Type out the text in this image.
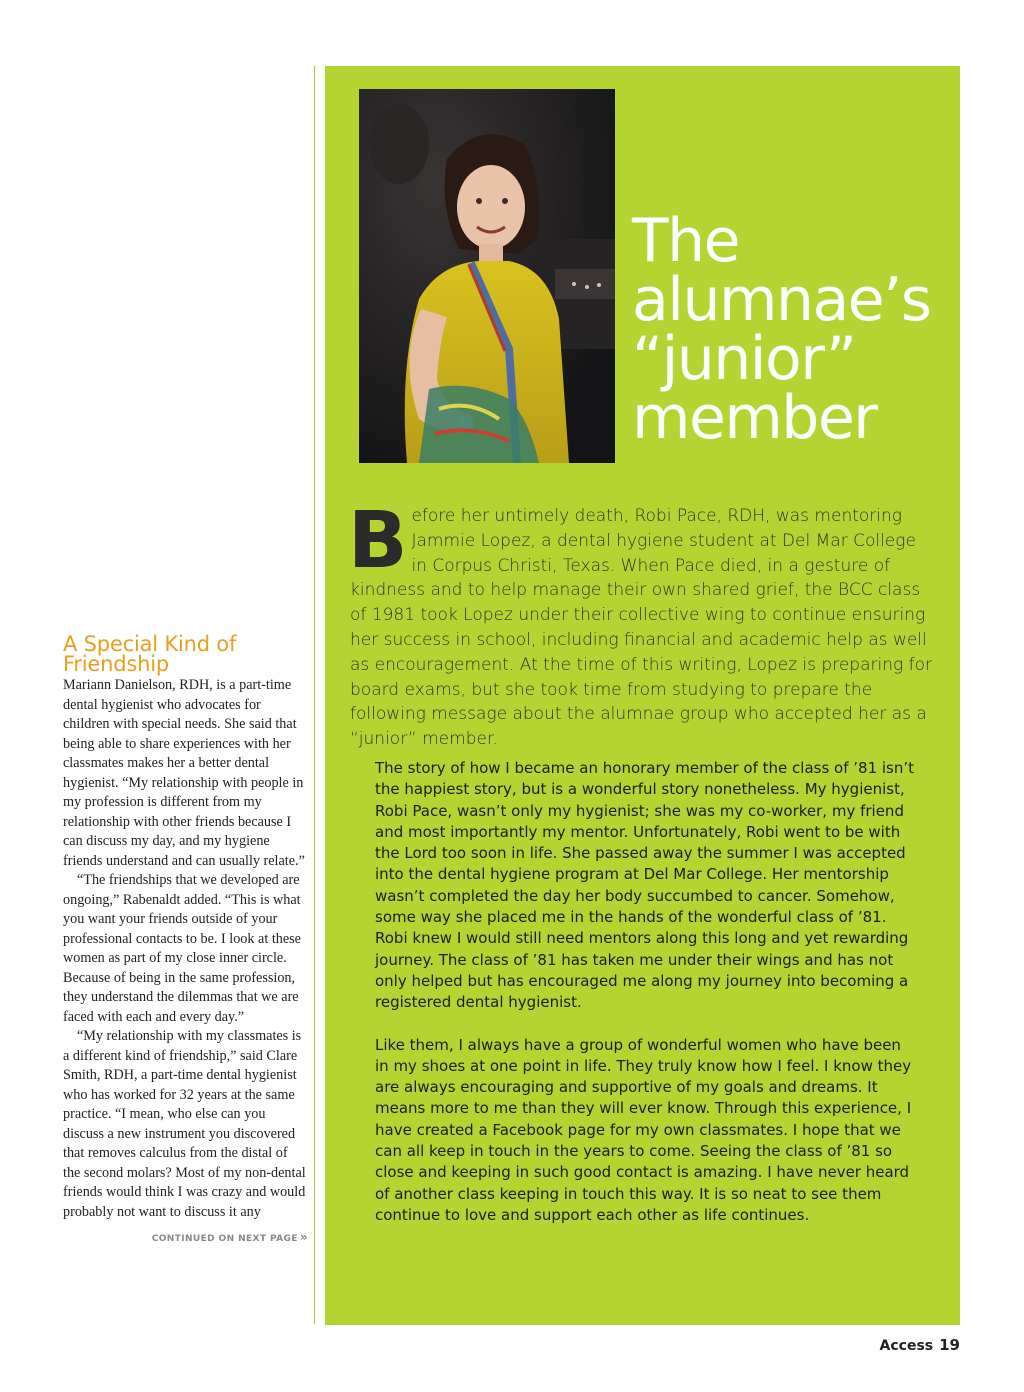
A Special Kind of Friendship

Mariann Danielson, RDH, is a part-time dental hygienist who advocates for children with special needs. She said that being able to share experiences with her classmates makes her a better dental hygienist. “My relationship with people in my profession is different from my relationship with other friends because I can discuss my day, and my hygiene friends understand and can usually relate.”

“The friendships that we developed are ongoing,” Rabenaldt added. “This is what you want your friends outside of your professional contacts to be. I look at these women as part of my close inner circle. Because of being in the same profession, they understand the dilemmas that we are faced with each and every day.”

“My relationship with my classmates is a different kind of friendship,” said Clare Smith, RDH, a part-time dental hygienist who has worked for 32 years at the same practice. “I mean, who else can you discuss a new instrument you discovered that removes calculus from the distal of the second molars? Most of my non-dental friends would think I was crazy and would probably not want to discuss it any

CONTINUED ON NEXT PAGE »
The
alumnae’s
“junior”
member
Before her untimely death, Robi Pace, RDH, was mentoring Jammie Lopez, a dental hygiene student at Del Mar College in Corpus Christi, Texas. When Pace died, in a gesture of kindness and to help manage their own shared grief, the BCC class of 1981 took Lopez under their collective wing to continue ensuring her success in school, including financial and academic help as well as encouragement. At the time of this writing, Lopez is preparing for board exams, but she took time from studying to prepare the following message about the alumnae group who accepted her as a “junior” member.

The story of how I became an honorary member of the class of ’81 isn’t the happiest story, but is a wonderful story nonetheless. My hygienist, Robi Pace, wasn’t only my hygienist; she was my co-worker, my friend and most importantly my mentor. Unfortunately, Robi went to be with the Lord too soon in life. She passed away the summer I was accepted into the dental hygiene program at Del Mar College. Her mentorship wasn’t completed the day her body succumbed to cancer. Somehow, some way she placed me in the hands of the wonderful class of ’81. Robi knew I would still need mentors along this long and yet rewarding journey. The class of ’81 has taken me under their wings and has not only helped but has encouraged me along my journey into becoming a registered dental hygienist.

Like them, I always have a group of wonderful women who have been in my shoes at one point in life. They truly know how I feel. I know they are always encouraging and supportive of my goals and dreams. It means more to me than they will ever know. Through this experience, I have created a Facebook page for my own classmates. I hope that we can all keep in touch in the years to come. Seeing the class of ’81 so close and keeping in such good contact is amazing. I have never heard of another class keeping in touch this way. It is so neat to see them continue to love and support each other as life continues.

Access 19
